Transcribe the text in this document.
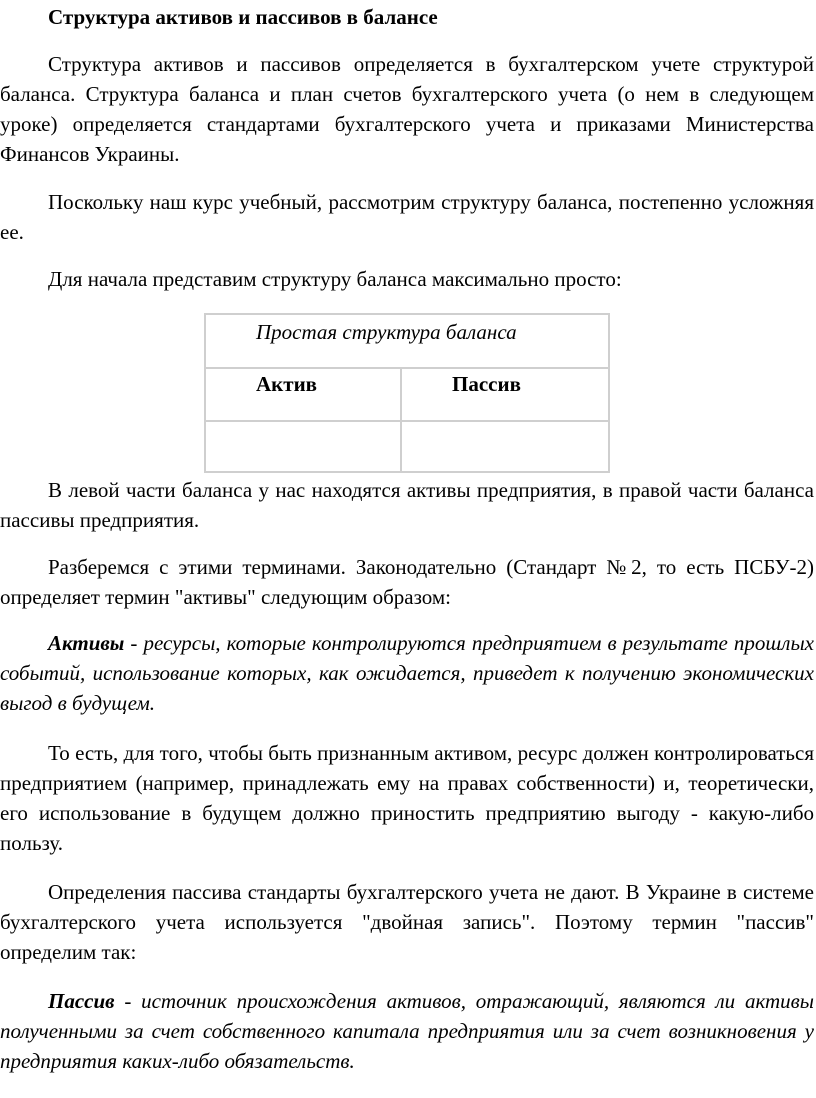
Структура активов и пассивов в балансе

Структура активов и пассивов определяется в бухгалтерском учете структурой баланса. Структура баланса и план счетов бухгалтерского учета (о нем в следующем уроке) определяется стандартами бухгалтерского учета и приказами Министерства Финансов Украины.

Поскольку наш курс учебный, рассмотрим структуру баланса, постепенно усложняя ее.

Для начала представим структуру баланса максимально просто:

Простая структура баланса	
Актив	Пассив

В левой части баланса у нас находятся активы предприятия, в правой части баланса пассивы предприятия.

Разберемся с этими терминами. Законодательно (Стандарт №2, то есть ПСБУ-2) определяет термин "активы" следующим образом:

Активы - ресурсы, которые контролируются предприятием в результате прошлых событий, использование которых, как ожидается, приведет к получению экономических выгод в будущем.

То есть, для того, чтобы быть признанным активом, ресурс должен контролироваться предприятием (например, принадлежать ему на правах собственности) и, теоретически, его использование в будущем должно приностить предприятию выгоду - какую-либо пользу.

Определения пассива стандарты бухгалтерского учета не дают. В Украине в системе бухгалтерского учета используется "двойная запись". Поэтому термин "пассив" определим так:

Пассив - источник происхождения активов, отражающий, являются ли активы полученными за счет собственного капитала предприятия или за счет возникновения у предприятия каких-либо обязательств.
